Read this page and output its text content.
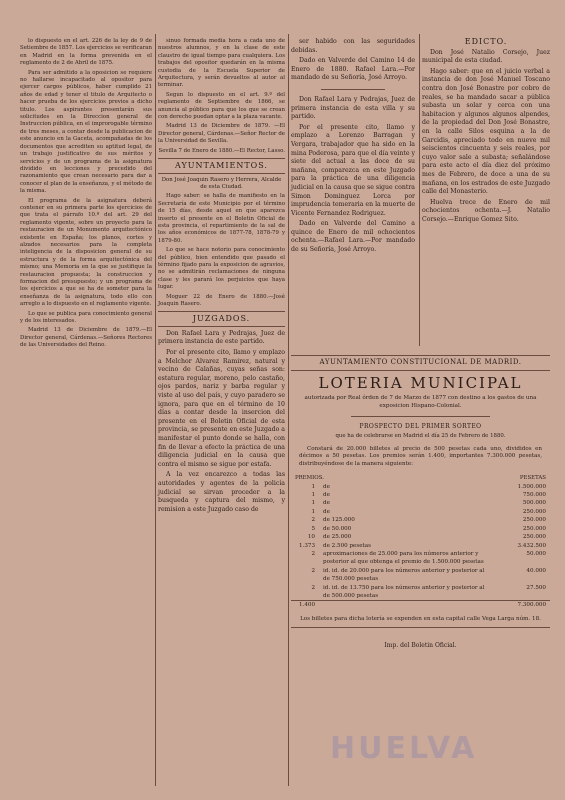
lo dispuesto en el art. 226 de la ley de 9 de Setiembre de 1857. Los ejercicios se verificaran en Madrid en la forma prevenida en el reglamento de 2 de Abril de 1875.

Para ser admitido a la oposicion se requiere no hallarse incapacitado al opositor para ejercer cargos públicos, haber cumplido 21 años de edad y tener el titulo de Arquitecto o hacer prueba de los ejercicios previos a dicho titulo. Los aspirantes presentarán sus solicitudes en la Direccion general de Instruccion pública, en el improrogable término de tres meses, a contar desde la publicacion de este anuncio en la Gaceta, acompañadas de los documentos que acrediten su aptitud legal, de un trabajo justificativo de sus méritos y servicios y de un programa de la asignatura dividido en lecciones y precedido del razonamiento que crean necesario para dar a conocer el plan de la enseñanza, y el método de la misma.

El programa de la asignatura deberá contener en su primera parte los ejercicios de que trata el párrafo 10.º del art. 29 del reglamento vigente, sobre un proyecto para la restauracion de un Monumento arquitectónico existente en España; los planos, cortes y alzados necesarios para la completa inteligencia de la disposicion general de su estructura y de la forma arquitectónica del mismo; una Memoria en la que se justifique la restauracion propuesta; la construccion y formacion del presupuesto; y un programa de los ejercicios a que se ha de someter para la enseñanza de la asignatura, todo ello con arreglo a lo dispuesto en el reglamento vigente.

Lo que se publica para conocimiento general y de los interesados.

Madrid 13 de Diciembre de 1879.—El Director general, Cárdenas.—Señores Rectores de las Universidades del Reino.

sinuo formada media hora a cada uno de nuestros alumnos, y en la clase de este claustro de igual tiempo para cualquiera. Los trabajos del opositor quedarán en la misma custodia de la Escuela Superior de Arquitectura, y serán devueltos al autor al terminar.

Segun lo dispuesto en el art. 9.º del reglamento de Septiembre de 1866, se anuncia al público para que los que se crean con derecho puedan optar a la plaza vacante.

Madrid 13 de Diciembre de 1879. —El Director general, Cárdenas.—Señor Rector de la Universidad de Sevilla.

Sevilla 7 de Enero de 1880.—El Rector, Lasso.

AYUNTAMIENTOS.

Don José Joaquin Rasero y Herrera, Alcalde de esta Ciudad.

Hago saber: se halla de manifiesto en la Secretaría de este Municipio por el término de 15 días, desde aquel en que aparezca inserto el presente en el Boletin Oficial de esta provincia, el repartimiento de la sal de los años económicos de 1877-78, 1878-79 y 1879-80.

Lo que se hace notorio para conocimiento del público, bien entendido que pasado el término fijado para la exposicion de agravios, no se admitirán reclamaciones de ninguna clase y les parará los perjuicios que haya lugar.

Moguer 22 de Enero de 1880.—José Joaquin Rasero.

JUZGADOS.

Don Rafael Lara y Pedrajas, Juez de primera instancia de este partido.

Por el presente cito, llamo y emplazo a Melchor Alvarez Ramirez, natural y vecino de Calañas, cuyas señas son: estatura regular, moreno, pelo castaño, ojos pardos, nariz y barba regular y viste al uso del país, y cuyo paradero se ignora, para que en el término de 10 días a contar desde la insercion del presente en el Boletin Oficial de esta provincia, se presente en este Juzgado a manifestar el punto donde se halla, con fin de llevar a efecto la práctica de una diligencia judicial en la causa que contra el mismo se sigue por estafa.

A la vez encarezco a todas las autoridades y agentes de la policía judicial se sirvan proceder a la busqueda y captura del mismo, y remision a este Juzgado caso de

ser habido con las seguridades debidas.

Dado en Valverde del Camino 14 de Enero de 1880. Rafael Lara.—Por mandado de su Señoría, José Arroyo.

Don Rafael Lara y Pedrajas, Juez de primera instancia de esta villa y su partido.

Por el presente cito, llamo y emplazo a Lorenzo Barragan y Vergara, trabajador que ha sido en la mina Poderosa, para que el día veinte y siete del actual a las doce de su mañana, comparezca en este Juzgado para la práctica de una diligencia judicial en la causa que se sigue contra Simon Dominguez Lorca por imprudencia temeraria en la muerte de Vicente Fernandez Rodriguez.

Dado en Valverde del Camino a quince de Enero de mil ochocientos ochenta.—Rafael Lara.—Por mandado de su Señoría, José Arroyo.

EDICTO.

Don José Natalio Corsejo, Juez municipal de esta ciudad.

Hago saber: que en el juicio verbal a instancia de don José Manuel Toscano contra don José Bonastre por cobro de reales, se ha mandado sacar a pública subasta un solar y cerca con una habitacion y algunos algunos alpendes, de la propiedad del Don José Bonastre, en la calle Silos esquina a la de Garcidis, apreciado todo en nueve mil seiscientos cincuenta y seis reales, por cuyo valor sale a subasta; señalándose para este acto el día diez del próximo mes de Febrero, de doce a una de su mañana, en los estrados de este Juzgado calle del Monasterio.

Huelva trece de Enero de mil ochocientos ochenta.—J. Natalio Corsejo.—Enrique Gomez Sito.

AYUNTAMIENTO CONSTITUCIONAL DE MADRID.

LOTERIA MUNICIPAL

autorizada por Real órden de 7 de Marzo de 1877 con destino a los gastos de una exposicion Hispano-Colonial.

PROSPECTO DEL PRIMER SORTEO

que ha de celebrarse en Madrid el día 25 de Febrero de 1880.

Constará de 20.000 billetes al precio de 500 pesetas cada uno, divididos en décimos a 50 pesetas. Los premios serán 1.400, importantes 7.300.000 pesetas, distribuyéndose de la manera siguiente:

PREMIOS.		PESETAS
1	de	1.500.000
1	de	750.000
1	de	500.000
1	de	250.000
2	de 125.000	250.000
5	de 50.000	250.000
10	de 25.000	250.000
1.373	de 2.500 pesetas	3.432.500
2	aproximaciones de 25.000 para los números anterior y posterior al que obtenga el premio de 1.500.000 pesetas	50.000
2	id. id. de 20.000 para los números anterior y posterior al de 750.000 pesetas	40.000
2	id. id. de 13.750 para los números anterior y posterior al de 500.000 pesetas	27.500
1.400		7.300.000

Los billetes para dicha lotería se expenden en esta capital calle Vega Larga núm. 18.

Imp. del Boletin Oficial.

HUELVA
